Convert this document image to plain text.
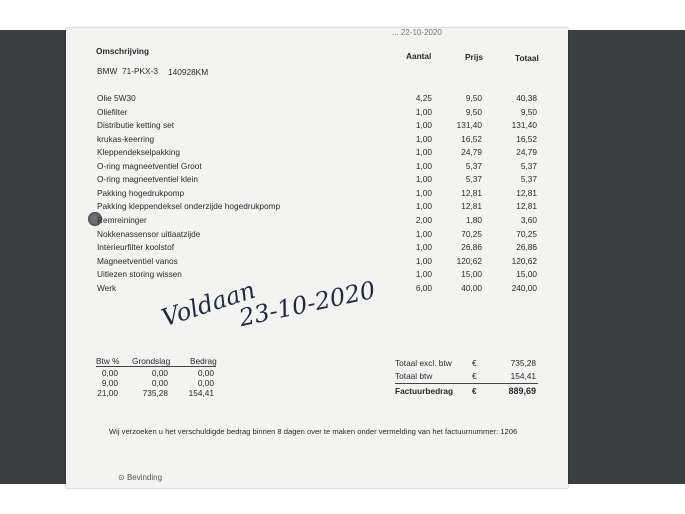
... 22-10-2020
Omschrijving	Aantal	Prijs	Totaal
BMW 71-PKX-3 140928KM
Olie 5W30	4,25	9,50	40,38
Oliefilter	1,00	9,50	9,50
Distributie ketting set	1,00	131,40	131,40
krukas-keerring	1,00	16,52	16,52
Kleppendekselpakking	1,00	24,79	24,79
O-ring magneetventiel Groot	1,00	5,37	5,37
O-ring magneetventiel klein	1,00	5,37	5,37
Pakking hogedrukpomp	1,00	12,81	12,81
Pakking kleppendeksel onderzijde hogedrukpomp	1,00	12,81	12,81
Remreininger	2,00	1,80	3,60
Nokkenassensor uitlaatzijde	1,00	70,25	70,25
Interieurfilter koolstof	1,00	26,86	26,86
Magneetventiel vanos	1,00	120,62	120,62
Uitlezen storing wissen	1,00	15,00	15,00
Werk	6,00	40,00	240,00
Voldaan
23-10-2020
Btw % Grondslag Bedrag
0,00	0,00	0,00
9,00	0,00	0,00
21,00	735,28 154,41
Totaal excl. btw €	735,28
Totaal btw	€	154,41
Factuurbedrag €	889,69
Wij verzoeken u het verschuldigde bedrag binnen 8 dagen over te maken onder vermelding van het factuurnummer: 1206
⊙ Bevinding
